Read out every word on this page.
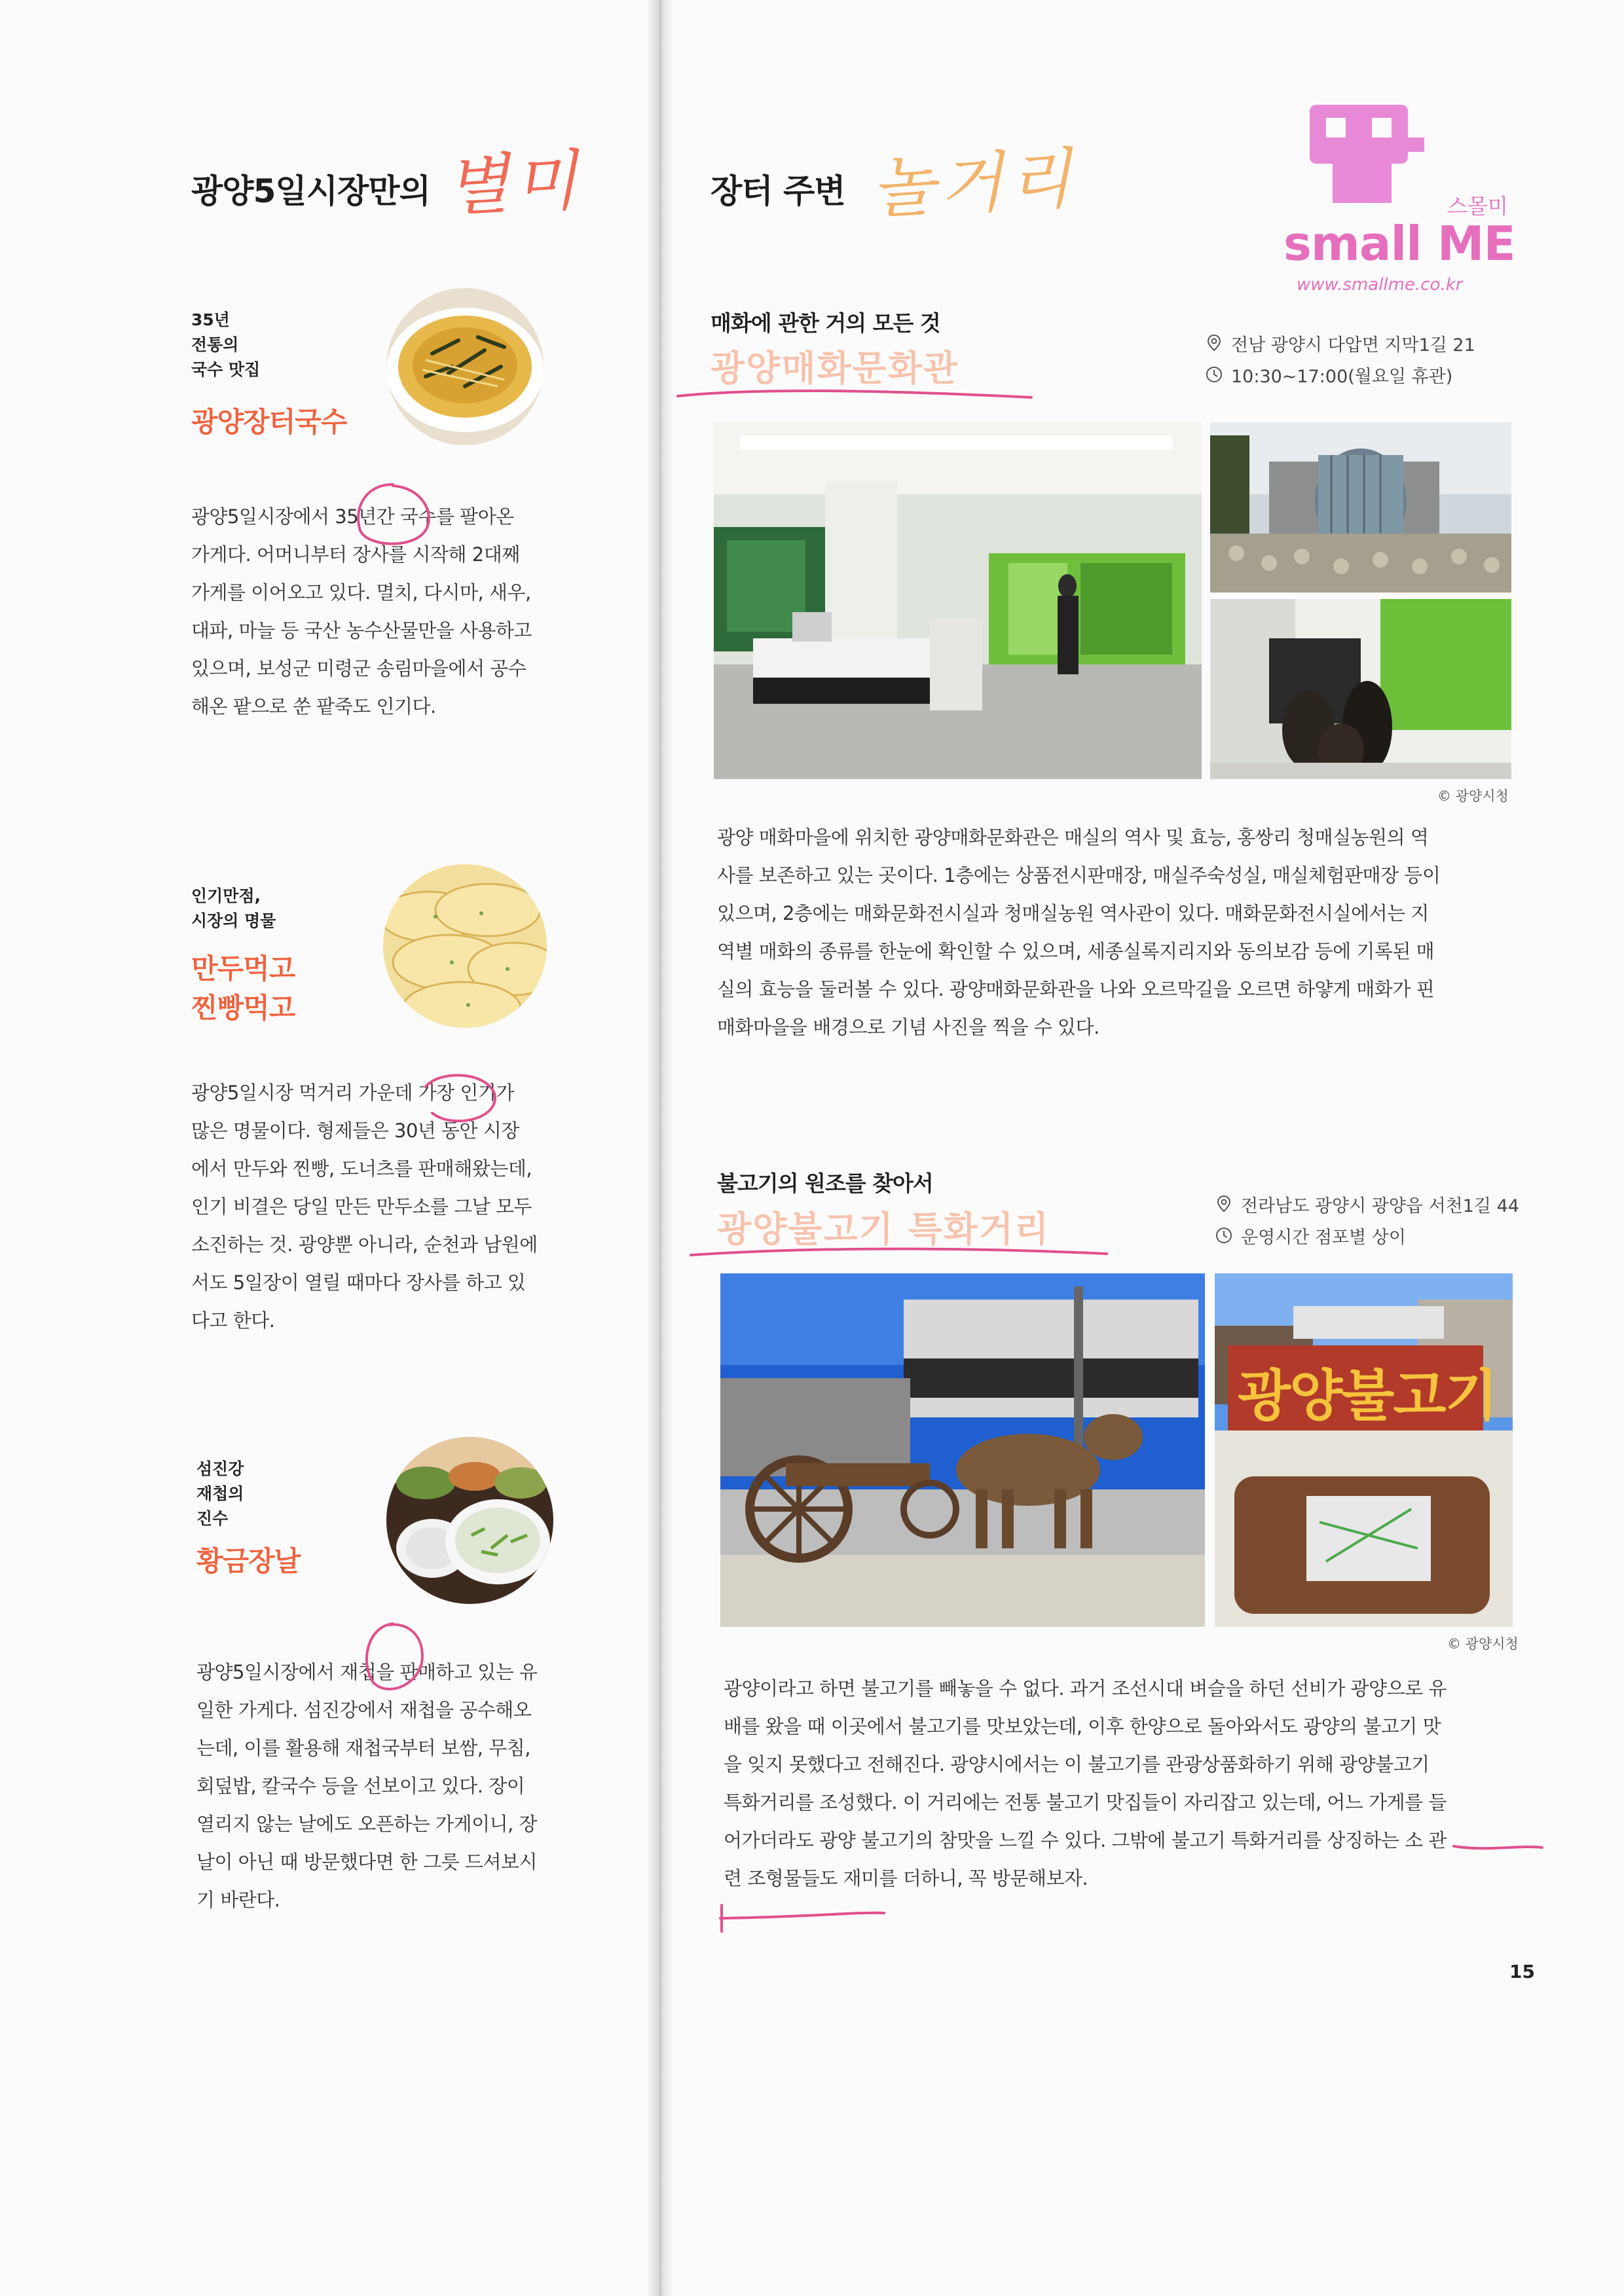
광양5일시장만의 별미
35년
전통의
국수 맛집
광양장터국수
광양5일시장에서 35년간 국수를 팔아온
가게다. 어머니부터 장사를 시작해 2대째
가게를 이어오고 있다. 멸치, 다시마, 새우,
대파, 마늘 등 국산 농수산물만을 사용하고
있으며, 보성군 미령군 송림마을에서 공수
해온 팥으로 쑨 팥죽도 인기다.
인기만점,
시장의 명물
만두먹고
찐빵먹고
광양5일시장 먹거리 가운데 가장 인기가
많은 명물이다. 형제들은 30년 동안 시장
에서 만두와 찐빵, 도너츠를 판매해왔는데,
인기 비결은 당일 만든 만두소를 그날 모두
소진하는 것. 광양뿐 아니라, 순천과 남원에
서도 5일장이 열릴 때마다 장사를 하고 있
다고 한다.
섬진강
재첩의
진수
황금장날
광양5일시장에서 재첩을 판매하고 있는 유
일한 가게다. 섬진강에서 재첩을 공수해오
는데, 이를 활용해 재첩국부터 보쌈, 무침,
회덮밥, 칼국수 등을 선보이고 있다. 장이
열리지 않는 날에도 오픈하는 가게이니, 장
날이 아닌 때 방문했다면 한 그릇 드셔보시
기 바란다.
장터 주변 놀거리	스몰미
small ME
www.smallme.co.kr
매화에 관한 거의 모든 것
광양매화문화관
전남 광양시 다압면 지막1길 21
10:30~17:00(월요일 휴관)
© 광양시청
광양 매화마을에 위치한 광양매화문화관은 매실의 역사 및 효능, 홍쌍리 청매실농원의 역
사를 보존하고 있는 곳이다. 1층에는 상품전시판매장, 매실주숙성실, 매실체험판매장 등이
있으며, 2층에는 매화문화전시실과 청매실농원 역사관이 있다. 매화문화전시실에서는 지
역별 매화의 종류를 한눈에 확인할 수 있으며, 세종실록지리지와 동의보감 등에 기록된 매
실의 효능을 둘러볼 수 있다. 광양매화문화관을 나와 오르막길을 오르면 하얗게 매화가 핀
매화마을을 배경으로 기념 사진을 찍을 수 있다.
불고기의 원조를 찾아서
광양불고기 특화거리
전라남도 광양시 광양읍 서천1길 44
운영시간 점포별 상이
광양불고기
© 광양시청
광양이라고 하면 불고기를 빼놓을 수 없다. 과거 조선시대 벼슬을 하던 선비가 광양으로 유
배를 왔을 때 이곳에서 불고기를 맛보았는데, 이후 한양으로 돌아와서도 광양의 불고기 맛
을 잊지 못했다고 전해진다. 광양시에서는 이 불고기를 관광상품화하기 위해 광양불고기
특화거리를 조성했다. 이 거리에는 전통 불고기 맛집들이 자리잡고 있는데, 어느 가게를 들
어가더라도 광양 불고기의 참맛을 느낄 수 있다. 그밖에 불고기 특화거리를 상징하는 소 관
련 조형물들도 재미를 더하니, 꼭 방문해보자.
15
